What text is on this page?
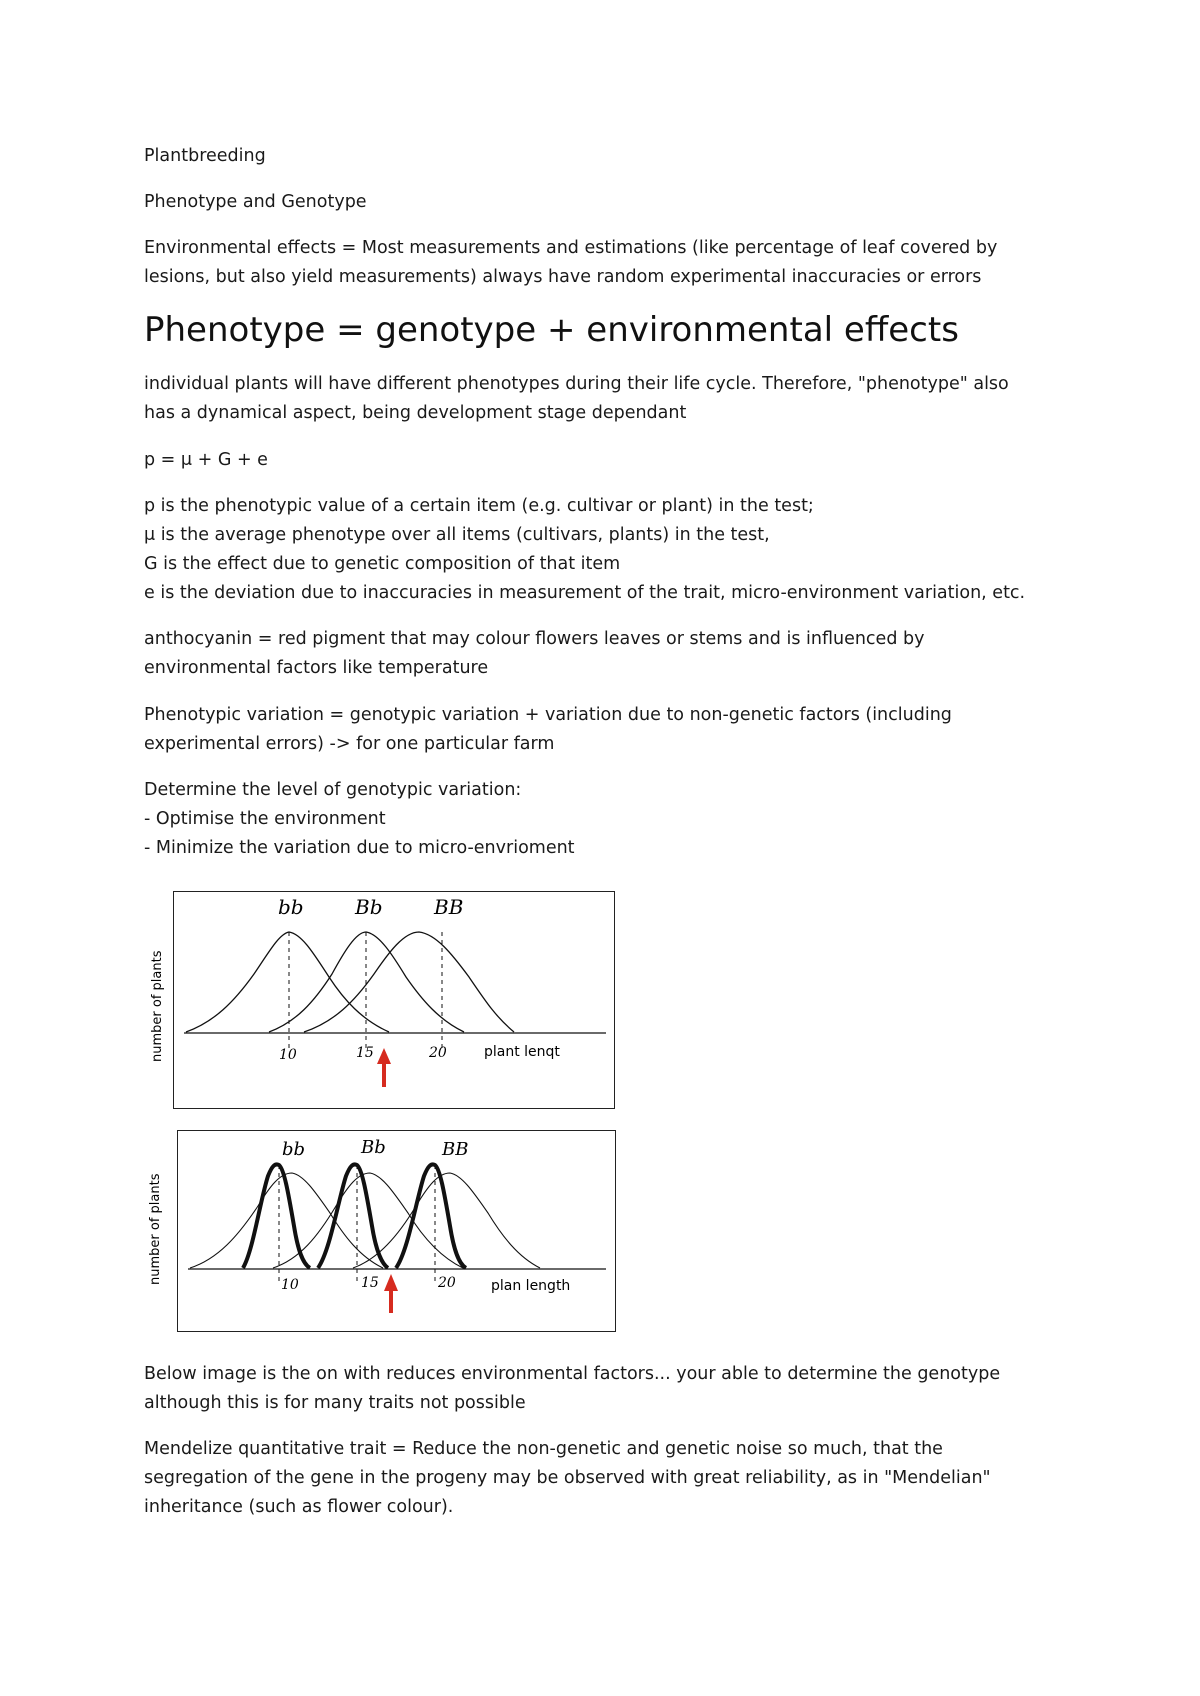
Plantbreeding
Phenotype and Genotype
Environmental effects = Most measurements and estimations (like percentage of leaf covered by
lesions, but also yield measurements) always have random experimental inaccuracies or errors
Phenotype = genotype + environmental effects
individual plants will have different phenotypes during their life cycle. Therefore, "phenotype" also
has a dynamical aspect, being development stage dependant
p = μ + G + e
p is the phenotypic value of a certain item (e.g. cultivar or plant) in the test;
μ is the average phenotype over all items (cultivars, plants) in the test,
G is the effect due to genetic composition of that item
e is the deviation due to inaccuracies in measurement of the trait, micro-environment variation, etc.
anthocyanin = red pigment that may colour flowers leaves or stems and is influenced by
environmental factors like temperature
Phenotypic variation = genotypic variation + variation due to non-genetic factors (including
experimental errors) -> for one particular farm
Determine the level of genotypic variation:
- Optimise the environment
- Minimize the variation due to micro-envrioment
bb	Bb	BB
10	15	20	plant lenqt
number of plants
bb	Bb	BB
10	15	20	plan length
number of plants
Below image is the on with reduces environmental factors... your able to determine the genotype
although this is for many traits not possible
Mendelize quantitative trait = Reduce the non-genetic and genetic noise so much, that the
segregation of the gene in the progeny may be observed with great reliability, as in "Mendelian"
inheritance (such as flower colour).
